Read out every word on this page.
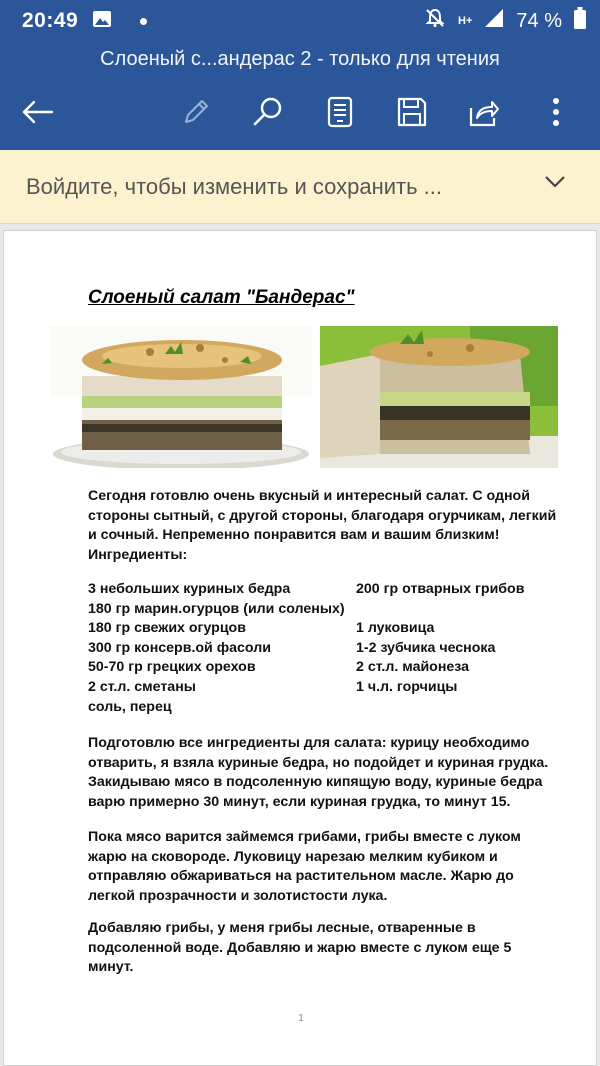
20:49	H+ 74 %
Слоеный с...андерас 2 - только для чтения
Войдите, чтобы изменить и сохранить ...
Слоеный салат "Бандерас"
Сегодня готовлю очень вкусный и интересный салат. С одной стороны сытный, с другой стороны, благодаря огурчикам, легкий и сочный. Непременно понравится вам и вашим близким!
Ингредиенты:
3 небольших куриных бедра	200 гр отварных грибов
180 гр марин.огурцов (или соленых)
180 гр свежих огурцов	1 луковица
300 гр консерв.ой фасоли	1-2 зубчика чеснока
50-70 гр грецких орехов	2 ст.л. майонеза
2 ст.л. сметаны	1 ч.л. горчицы
соль, перец
Подготовлю все ингредиенты для салата: курицу необходимо отварить, я взяла куриные бедра, но подойдет и куриная грудка. Закидываю мясо в подсоленную кипящую воду, куриные бедра варю примерно 30 минут, если куриная грудка, то минут 15.
Пока мясо варится займемся грибами, грибы вместе с луком жарю на сковороде. Луковицу нарезаю мелким кубиком и отправляю обжариваться на растительном масле. Жарю до легкой прозрачности и золотистости лука.
Добавляю грибы, у меня грибы лесные, отваренные в подсоленной воде. Добавляю и жарю вместе с луком еще 5 минут.
1
